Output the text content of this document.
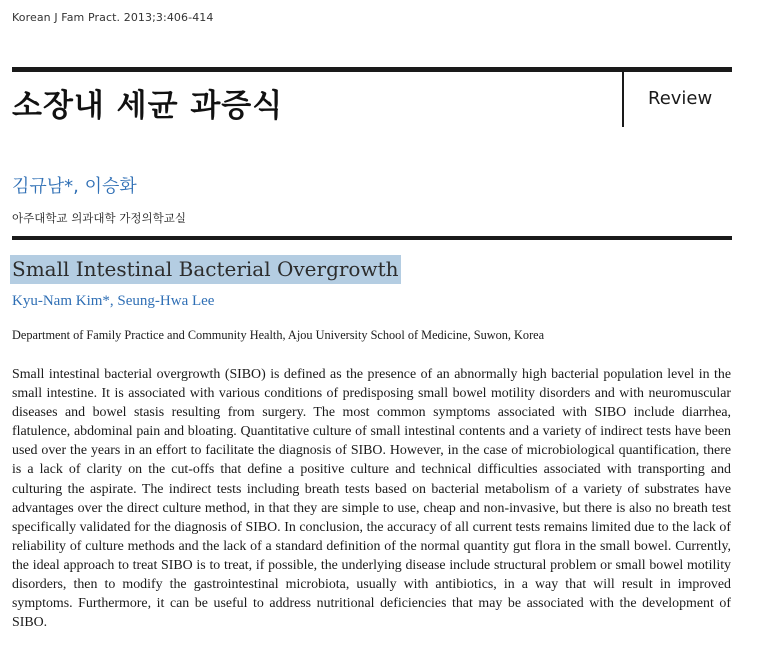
Korean J Fam Pract. 2013;3:406-414
소장내 세균 과증식	Review
김규남*, 이승화
아주대학교 의과대학 가정의학교실
Small Intestinal Bacterial Overgrowth
Kyu-Nam Kim*, Seung-Hwa Lee
Department of Family Practice and Community Health, Ajou University School of Medicine, Suwon, Korea

Small intestinal bacterial overgrowth (SIBO) is defined as the presence of an abnormally high bacterial population level in the small intestine. It is associated with various conditions of predisposing small bowel motility disorders and with neuromuscular diseases and bowel stasis resulting from surgery. The most common symptoms associated with SIBO include diarrhea, flatulence, abdominal pain and bloating. Quantitative culture of small intestinal contents and a variety of indirect tests have been used over the years in an effort to facilitate the diagnosis of SIBO. However, in the case of microbiological quantification, there is a lack of clarity on the cut-offs that define a positive culture and technical difficulties associated with transporting and culturing the aspirate. The indirect tests including breath tests based on bacterial metabolism of a variety of substrates have advantages over the direct culture method, in that they are simple to use, cheap and non-invasive, but there is also no breath test specifically validated for the diagnosis of SIBO. In conclusion, the accuracy of all current tests remains limited due to the lack of reliability of culture methods and the lack of a standard definition of the normal quantity gut flora in the small bowel. Currently, the ideal approach to treat SIBO is to treat, if possible, the underlying disease include structural problem or small bowel motility disorders, then to modify the gastrointestinal microbiota, usually with antibiotics, in a way that will result in improved symptoms. Furthermore, it can be useful to address nutritional deficiencies that may be associated with the development of SIBO.
